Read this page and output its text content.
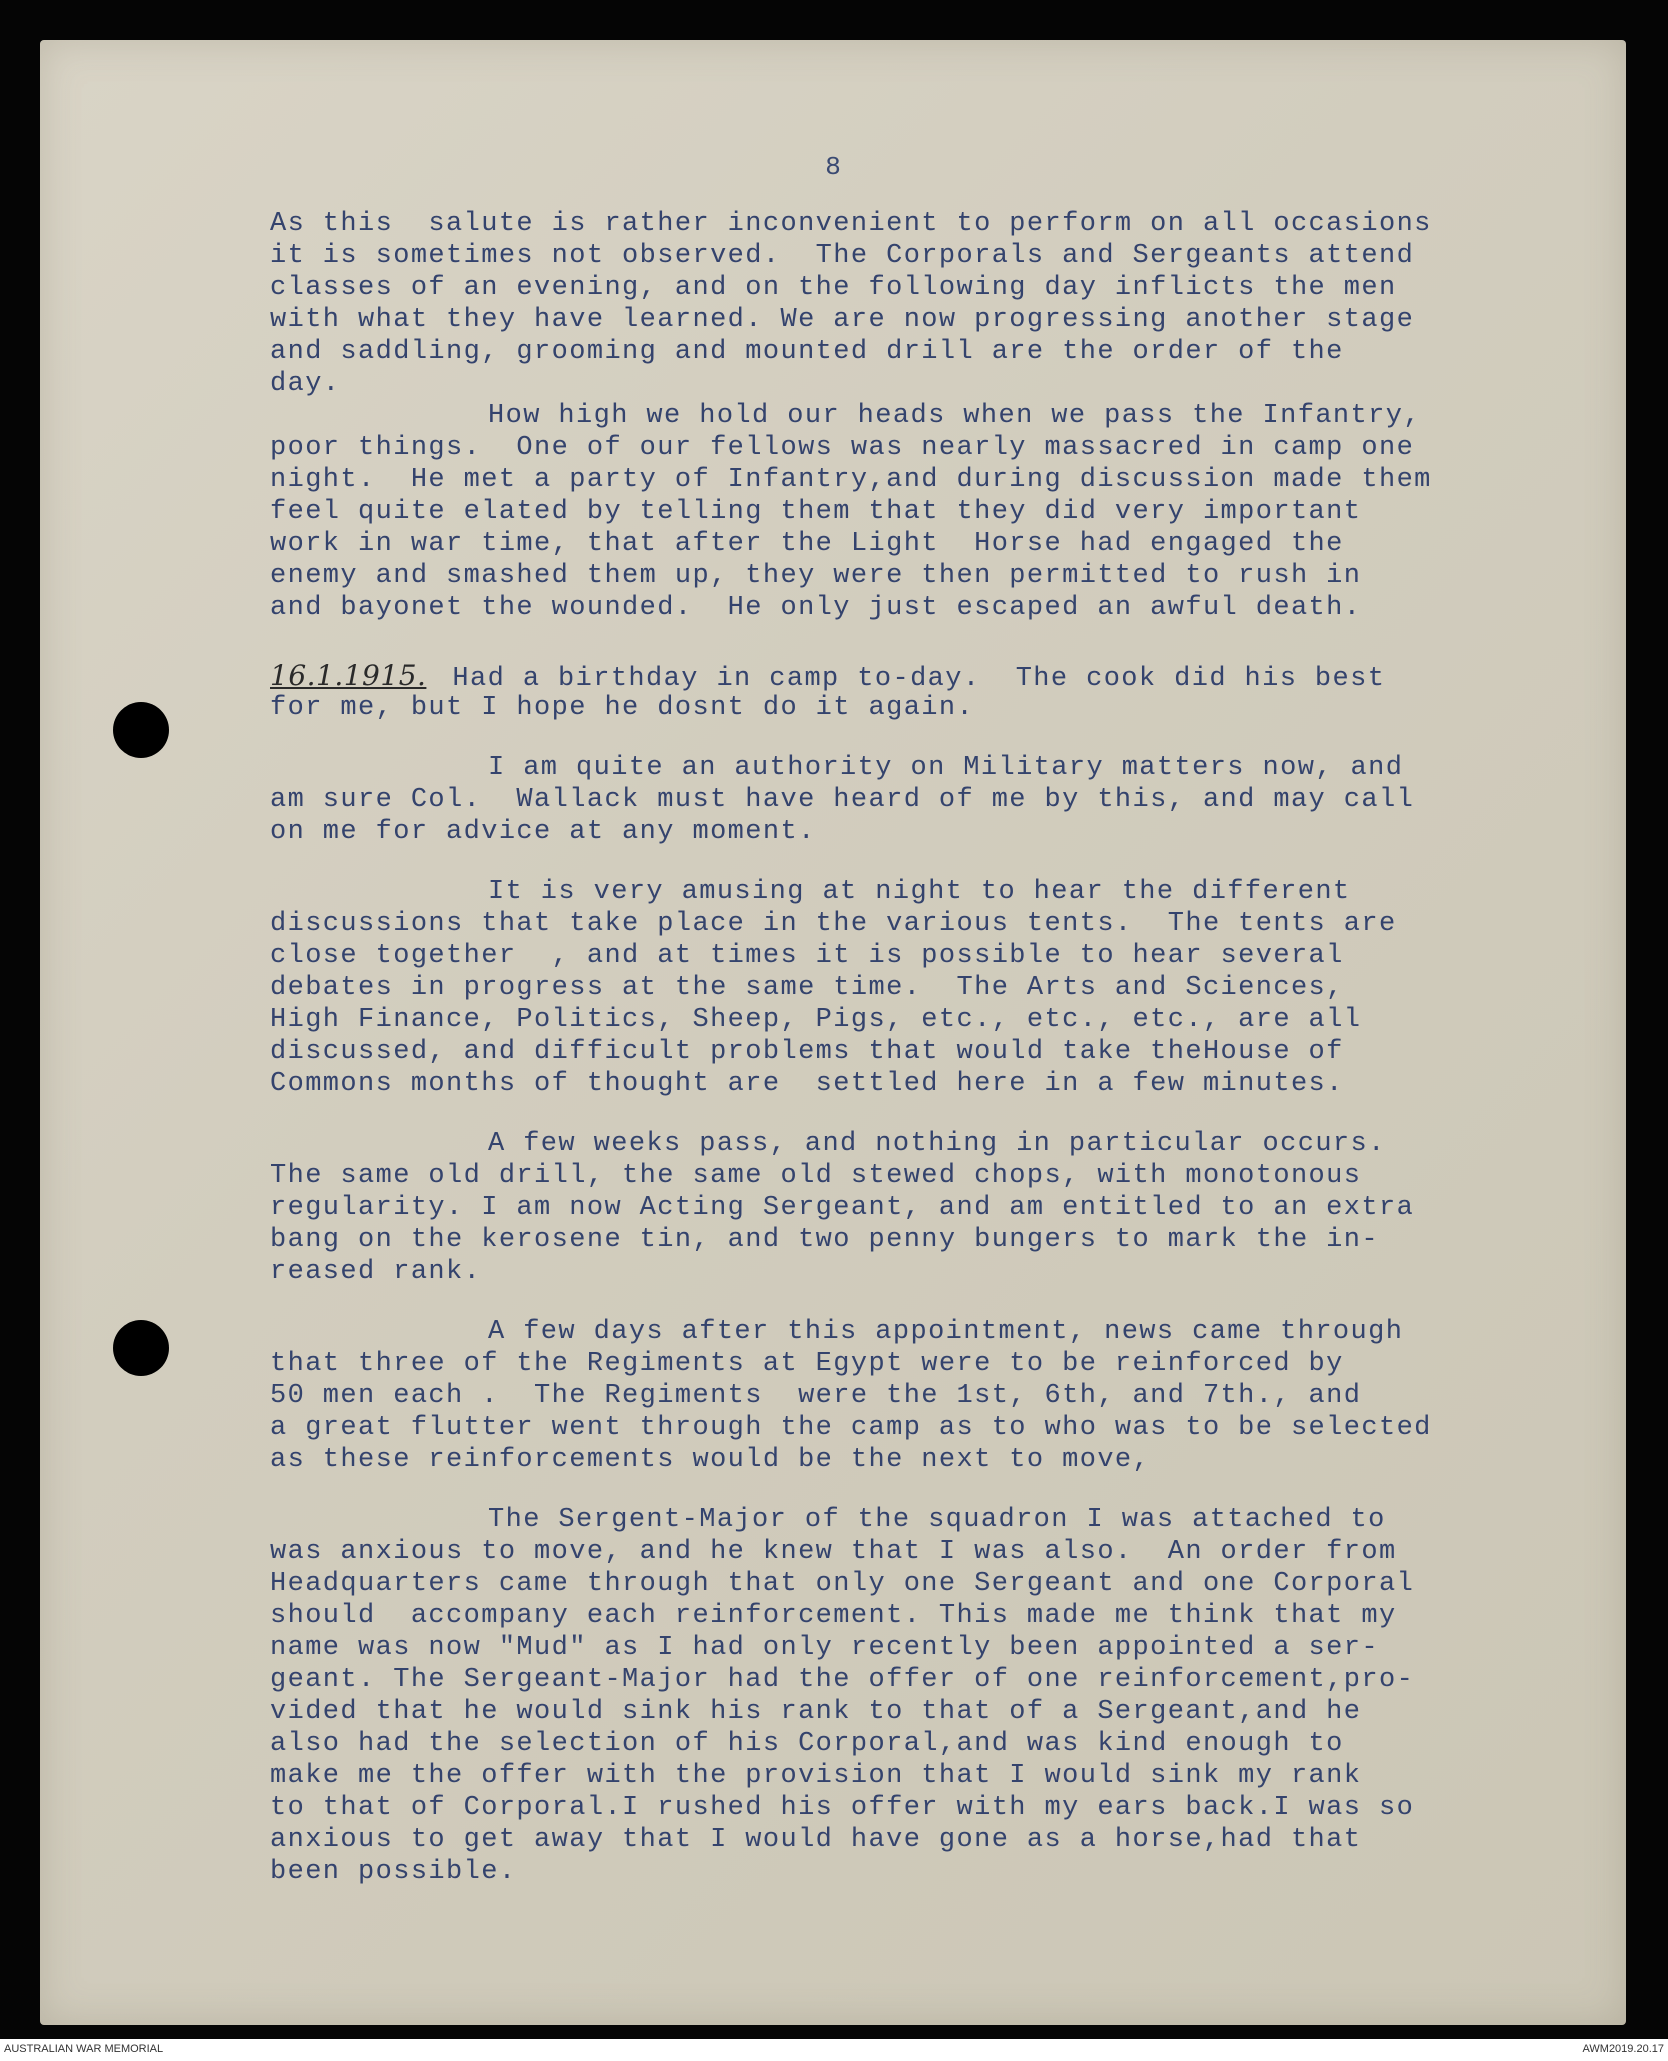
8
As this  salute is rather inconvenient to perform on all occasions
it is sometimes not observed.  The Corporals and Sergeants attend
classes of an evening, and on the following day inflicts the men
with what they have learned. We are now progressing another stage
and saddling, grooming and mounted drill are the order of the
day.
How high we hold our heads when we pass the Infantry,
poor things.  One of our fellows was nearly massacred in camp one
night.  He met a party of Infantry,and during discussion made them
feel quite elated by telling them that they did very important
work in war time, that after the Light  Horse had engaged the
enemy and smashed them up, they were then permitted to rush in
and bayonet the wounded.  He only just escaped an awful death.
16.1.1915. Had a birthday in camp to-day.  The cook did his best
for me, but I hope he dosnt do it again.
I am quite an authority on Military matters now, and
am sure Col.  Wallack must have heard of me by this, and may call
on me for advice at any moment.
It is very amusing at night to hear the different
discussions that take place in the various tents.  The tents are
close together  , and at times it is possible to hear several
debates in progress at the same time.  The Arts and Sciences,
High Finance, Politics, Sheep, Pigs, etc., etc., etc., are all
discussed, and difficult problems that would take theHouse of
Commons months of thought are  settled here in a few minutes.
A few weeks pass, and nothing in particular occurs.
The same old drill, the same old stewed chops, with monotonous
regularity. I am now Acting Sergeant, and am entitled to an extra
bang on the kerosene tin, and two penny bungers to mark the in-
reased rank.
A few days after this appointment, news came through
that three of the Regiments at Egypt were to be reinforced by
50 men each .  The Regiments  were the 1st, 6th, and 7th., and
a great flutter went through the camp as to who was to be selected
as these reinforcements would be the next to move,
The Sergent-Major of the squadron I was attached to
was anxious to move, and he knew that I was also.  An order from
Headquarters came through that only one Sergeant and one Corporal
should  accompany each reinforcement. This made me think that my
name was now "Mud" as I had only recently been appointed a ser-
geant. The Sergeant-Major had the offer of one reinforcement,pro-
vided that he would sink his rank to that of a Sergeant,and he
also had the selection of his Corporal,and was kind enough to
make me the offer with the provision that I would sink my rank
to that of Corporal.I rushed his offer with my ears back.I was so
anxious to get away that I would have gone as a horse,had that
been possible.
AUSTRALIAN WAR MEMORIAL	AWM2019.20.17
